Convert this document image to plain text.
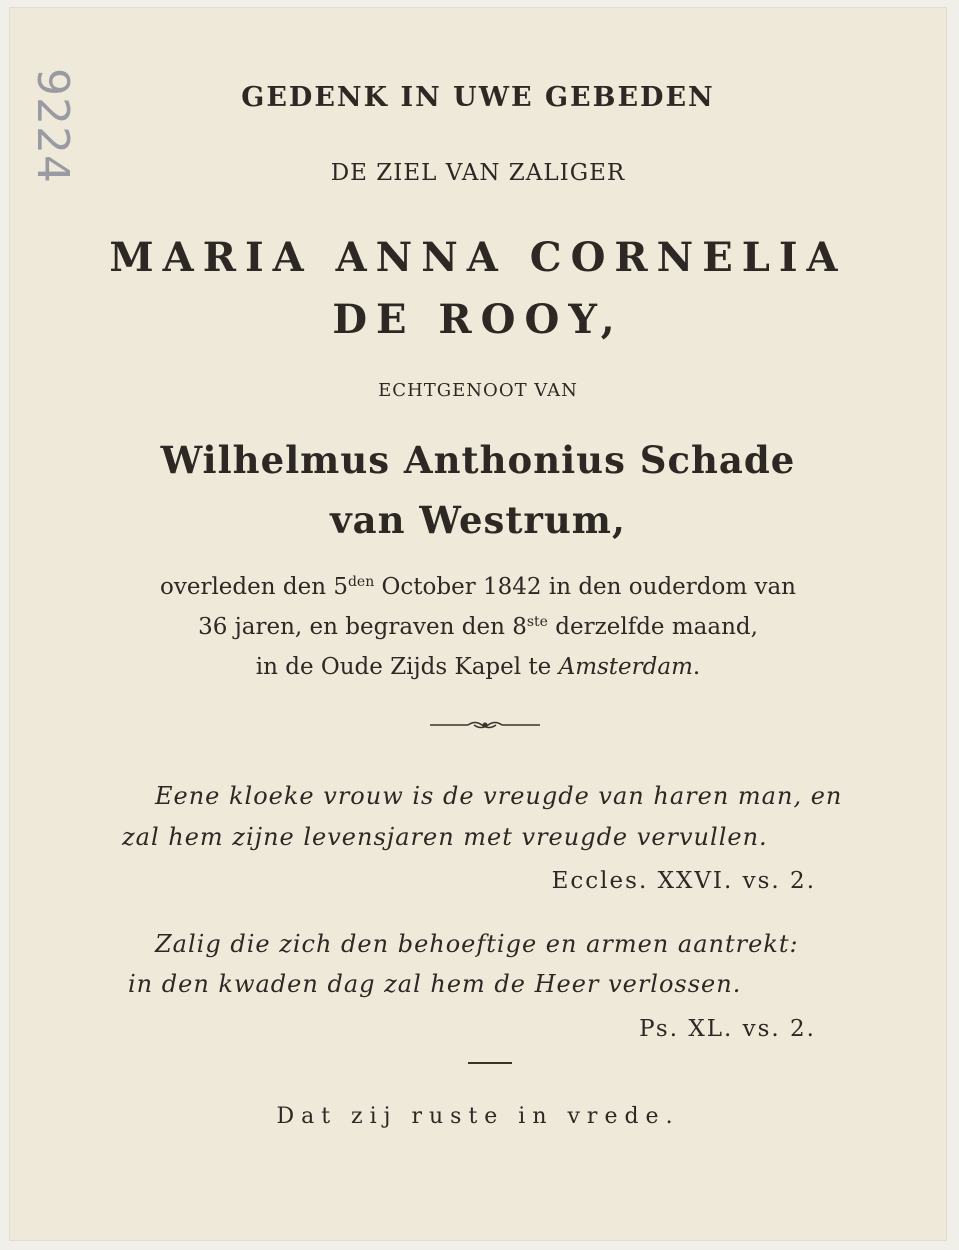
9224	GEDENK IN UWE GEBEDEN
DE ZIEL VAN ZALIGER
MARIA ANNA CORNELIA
DE ROOY,
ECHTGENOOT VAN
Wilhelmus Anthonius Schade
van Westrum,
overleden den $5^{den}$ October 1842 in den ouderdom van
36 jaren, en begraven den 8ste derzelfde maand,
in de Oude Zijds Kapel te Amsterdam.
Eene kloeke vrouw is de vreugde van haren man, en
zal hem zijne levensjaren met vreugde vervullen.
Eccles. XXVI. vs. 2.
Zalig die zich den behoeftige en armen aantrekt:
in den kwaden dag zal hem de Heer verlossen.
Ps. XL. vs. 2.
Dat zij ruste in vrede.
